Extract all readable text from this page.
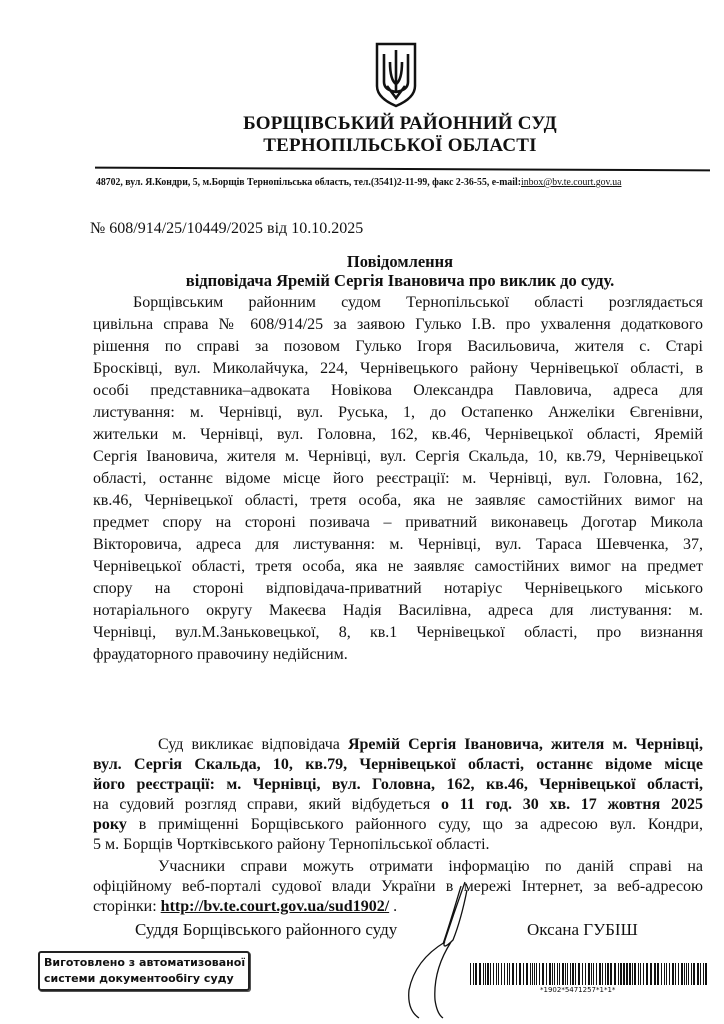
БОРЩІВСЬКИЙ РАЙОННИЙ СУД
ТЕРНОПІЛЬСЬКОЇ ОБЛАСТІ
48702, вул. Я.Кондри, 5, м.Борщів Тернопільська область, тел.(3541)2-11-99, факс 2-36-55, e-mail:inbox@bv.te.court.gov.ua
№ 608/914/25/10449/2025 від 10.10.2025
Повідомлення
відповідача Яремій Сергія Івановича про виклик до суду.
Борщівським районним судом Тернопільської області розглядається
цивільна справа № 608/914/25 за заявою Гулько І.В. про ухвалення додаткового
рішення по справі за позовом Гулько Ігоря Васильовича, жителя с. Старі
Бросківці, вул. Миколайчука, 224, Чернівецького району Чернівецької області, в
особі представника–адвоката Новікова Олександра Павловича, адреса для
листування: м. Чернівці, вул. Руська, 1, до Остапенко Анжеліки Євгенівни,
жительки м. Чернівці, вул. Головна, 162, кв.46, Чернівецької області, Яремій
Сергія Івановича, жителя м. Чернівці, вул. Сергія Скальда, 10, кв.79, Чернівецької
області, останнє відоме місце його реєстрації: м. Чернівці, вул. Головна, 162,
кв.46, Чернівецької області, третя особа, яка не заявляє самостійних вимог на
предмет спору на стороні позивача – приватний виконавець Доготар Микола
Вікторовича, адреса для листування: м. Чернівці, вул. Тараса Шевченка, 37,
Чернівецької області, третя особа, яка не заявляє самостійних вимог на предмет
спору на стороні відповідача-приватний нотаріус Чернівецького міського
нотаріального округу Макеєва Надія Василівна, адреса для листування: м.
Чернівці, вул.М.Заньковецької, 8, кв.1 Чернівецької області, про визнання
фраудаторного правочину недійсним.
Суд викликає відповідача Яремій Сергія Івановича, жителя м. Чернівці,
вул. Сергія Скальда, 10, кв.79, Чернівецької області, останнє відоме місце
його реєстрації: м. Чернівці, вул. Головна, 162, кв.46, Чернівецької області,
на судовий розгляд справи, який відбудеться о 11 год. 30 хв. 17 жовтня 2025
року в приміщенні Борщівського районного суду, що за адресою вул. Кондри,
5 м. Борщів Чортківського району Тернопільської області.
Учасники справи можуть отримати інформацію по даній справі на
офіційному веб-порталі судової влади України в мережі Інтернет, за веб-адресою
сторінки: http://bv.te.court.gov.ua/sud1902/ .
Суддя Борщівського районного суду	Оксана ГУБІШ
Виготовлено з автоматизованої
системи документообігу суду
*1902*5471257*1*1*
